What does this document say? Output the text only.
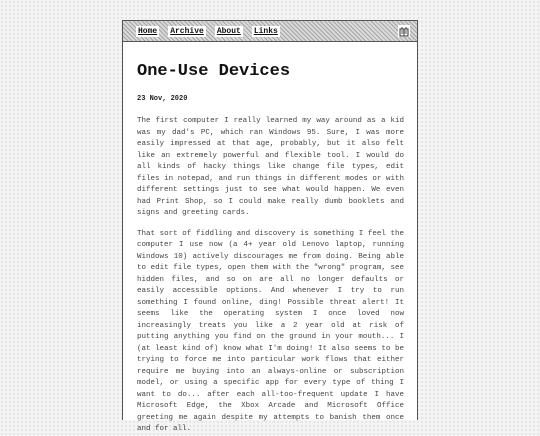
Home Archive About Links
One-Use Devices
23 Nov, 2020

The first computer I really learned my way around as a kid was my dad's PC, which ran Windows 95. Sure, I was more easily impressed at that age, probably, but it also felt like an extremely powerful and flexible tool. I would do all kinds of hacky things like change file types, edit files in notepad, and run things in different modes or with different settings just to see what would happen. We even had Print Shop, so I could make really dumb booklets and signs and greeting cards.

That sort of fiddling and discovery is something I feel the computer I use now (a 4+ year old Lenovo laptop, running Windows 10) actively discourages me from doing. Being able to edit file types, open them with the "wrong" program, see hidden files, and so on are all no longer defaults or easily accessible options. And whenever I try to run something I found online, ding! Possible threat alert! It seems like the operating system I once loved now increasingly treats you like a 2 year old at risk of putting anything you find on the ground in your mouth... I (at least kind of) know what I'm doing! It also seems to be trying to force me into particular work flows that either require me buying into an always-online or subscription model, or using a specific app for every type of thing I want to do... after each all-too-frequent update I have Microsoft Edge, the Xbox Arcade and Microsoft Office greeting me again despite my attempts to banish them once and for all.
